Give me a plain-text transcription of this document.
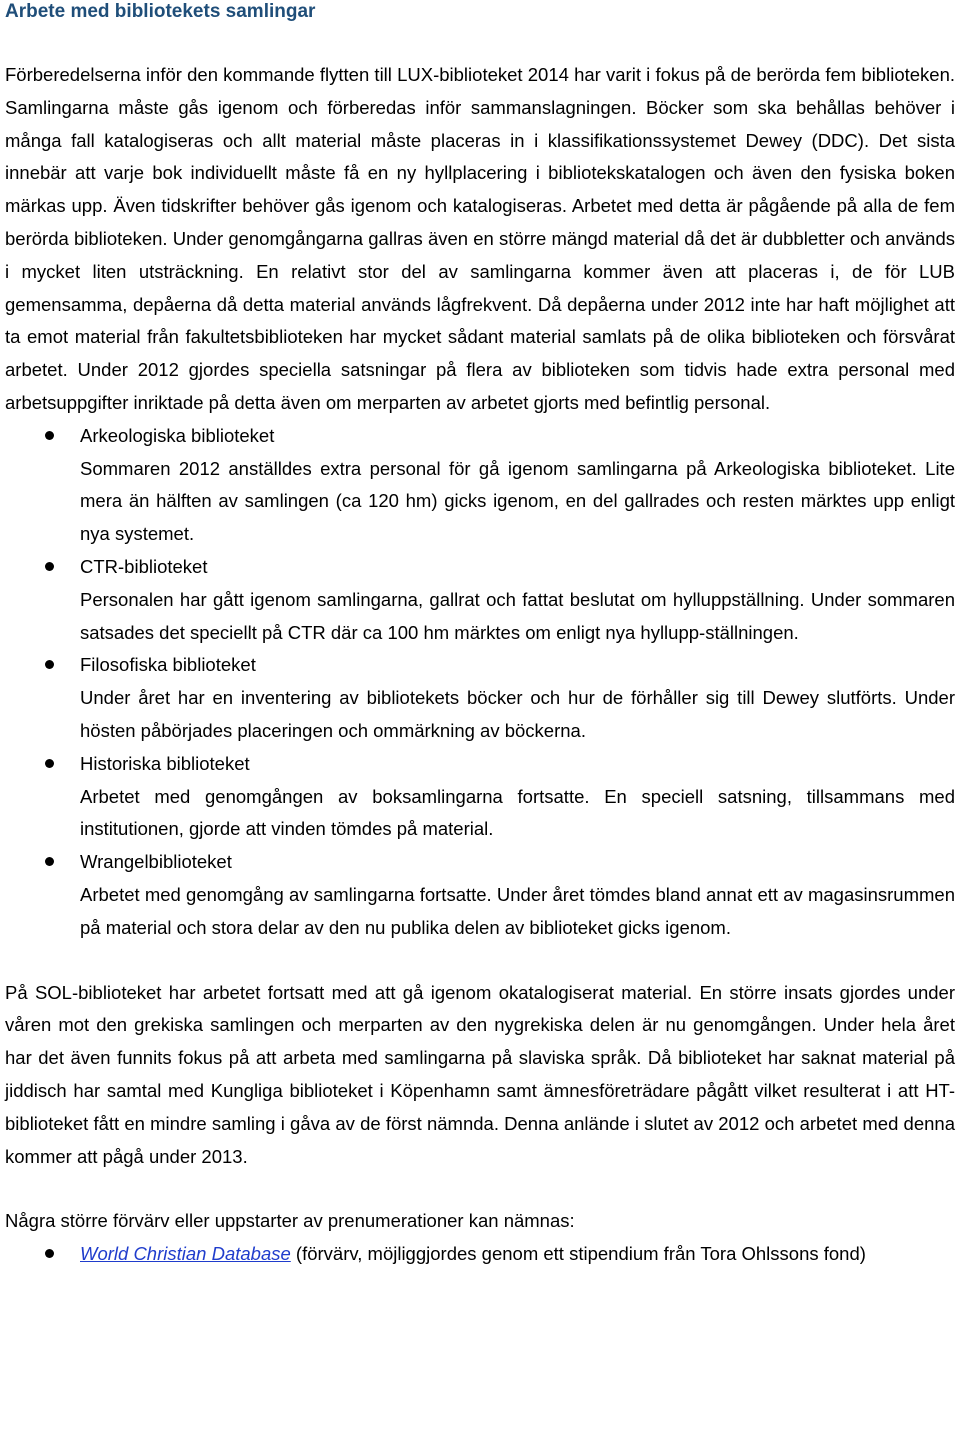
Arbete med bibliotekets samlingar

Förberedelserna inför den kommande flytten till LUX-biblioteket 2014 har varit i fokus på de berörda fem biblioteken. Samlingarna måste gås igenom och förberedas inför sammanslagningen. Böcker som ska behållas behöver i många fall katalogiseras och allt material måste placeras in i klassifikationssystemet Dewey (DDC). Det sista innebär att varje bok individuellt måste få en ny hyllplacering i bibliotekskatalogen och även den fysiska boken märkas upp. Även tidskrifter behöver gås igenom och katalogiseras. Arbetet med detta är pågående på alla de fem berörda biblioteken. Under genomgångarna gallras även en större mängd material då det är dubbletter och används i mycket liten utsträckning. En relativt stor del av samlingarna kommer även att placeras i, de för LUB gemensamma, depåerna då detta material används lågfrekvent. Då depåerna under 2012 inte har haft möjlighet att ta emot material från fakultetsbiblioteken har mycket sådant material samlats på de olika biblioteken och försvårat arbetet. Under 2012 gjordes speciella satsningar på flera av biblioteken som tidvis hade extra personal med arbetsuppgifter inriktade på detta även om merparten av arbetet gjorts med befintlig personal.

Arkeologiska biblioteket
Sommaren 2012 anställdes extra personal för gå igenom samlingarna på Arkeologiska biblioteket. Lite mera än hälften av samlingen (ca 120 hm) gicks igenom, en del gallrades och resten märktes upp enligt nya systemet.
CTR-biblioteket
Personalen har gått igenom samlingarna, gallrat och fattat beslutat om hylluppställning. Under sommaren satsades det speciellt på CTR där ca 100 hm märktes om enligt nya hyllupp-ställningen.
Filosofiska biblioteket
Under året har en inventering av bibliotekets böcker och hur de förhåller sig till Dewey slutförts. Under hösten påbörjades placeringen och ommärkning av böckerna.
Historiska biblioteket
Arbetet med genomgången av boksamlingarna fortsatte. En speciell satsning, tillsammans med institutionen, gjorde att vinden tömdes på material.
Wrangelbiblioteket
Arbetet med genomgång av samlingarna fortsatte. Under året tömdes bland annat ett av magasinsrummen på material och stora delar av den nu publika delen av biblioteket gicks igenom.

På SOL-biblioteket har arbetet fortsatt med att gå igenom okatalogiserat material. En större insats gjordes under våren mot den grekiska samlingen och merparten av den nygrekiska delen är nu genomgången. Under hela året har det även funnits fokus på att arbeta med samlingarna på slaviska språk. Då biblioteket har saknat material på jiddisch har samtal med Kungliga biblioteket i Köpenhamn samt ämnesföreträdare pågått vilket resulterat i att HT-biblioteket fått en mindre samling i gåva av de först nämnda. Denna anlände i slutet av 2012 och arbetet med denna kommer att pågå under 2013.

Några större förvärv eller uppstarter av prenumerationer kan nämnas:

World Christian Database (förvärv, möjliggjordes genom ett stipendium från Tora Ohlssons fond)
